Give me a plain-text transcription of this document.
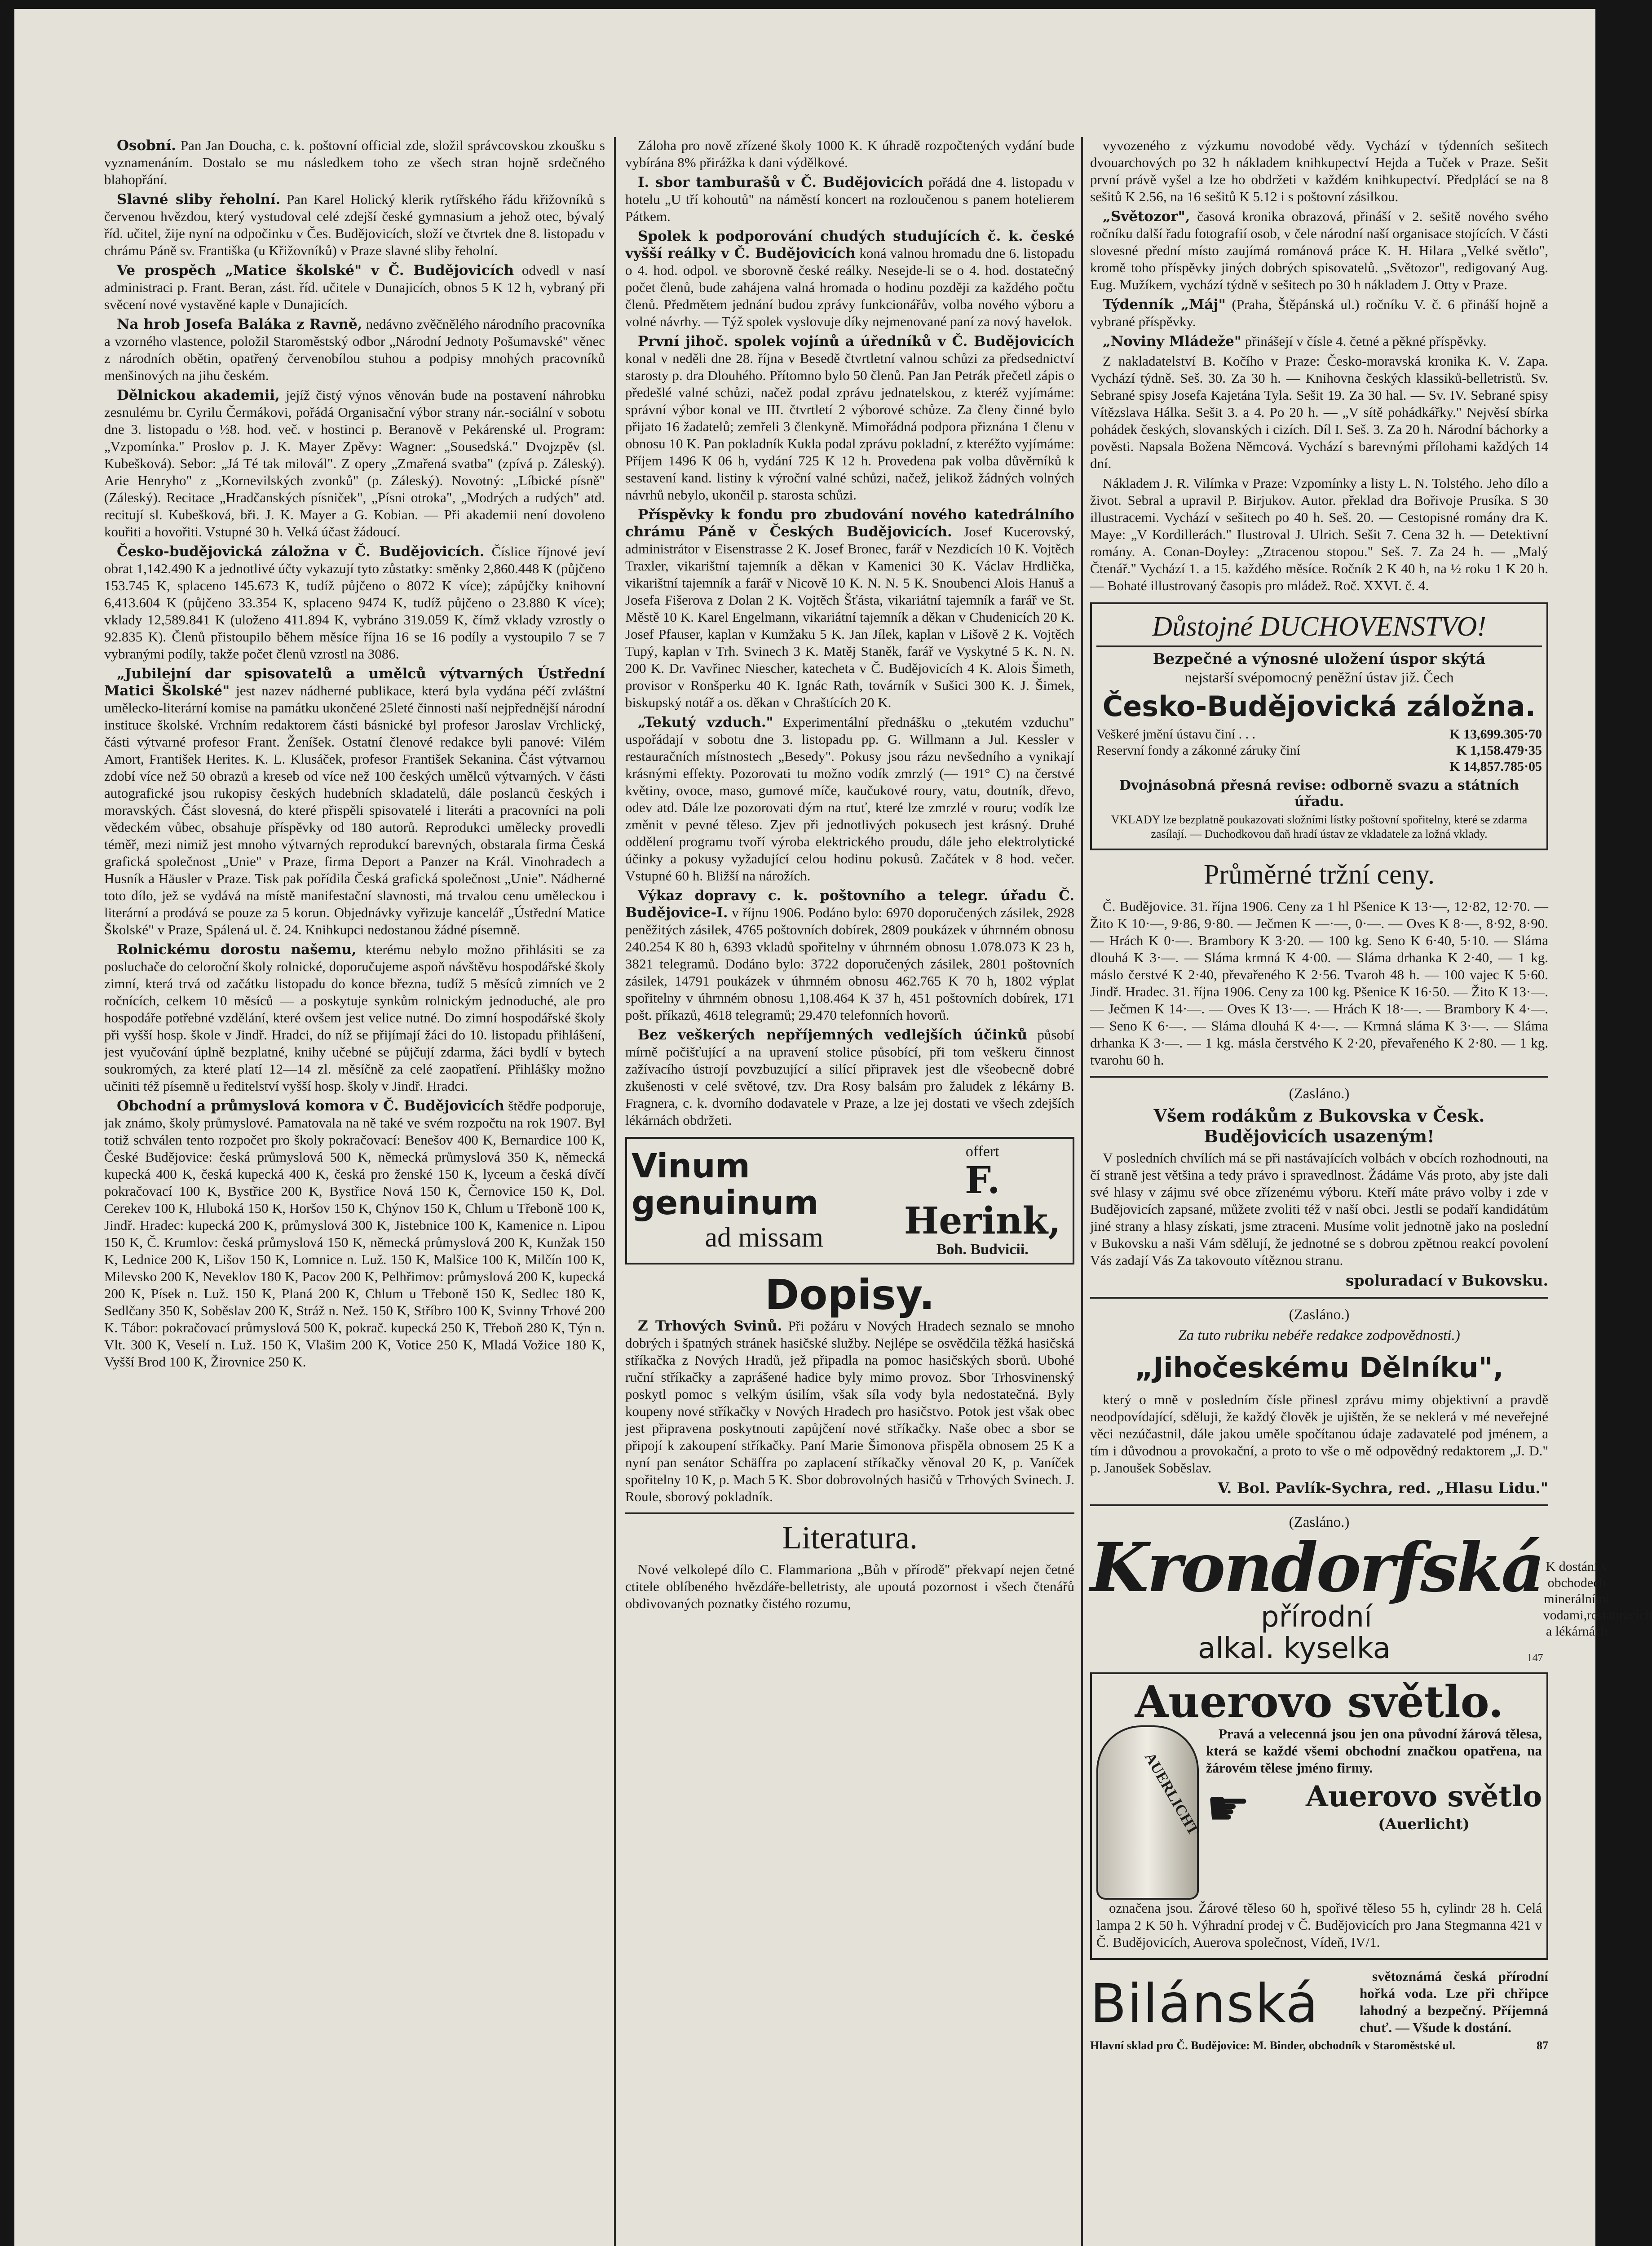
Osobní. Pan Jan Doucha, c. k. poštovní official zde, složil správcovskou zkoušku s vyznamenáním. Dostalo se mu následkem toho ze všech stran hojně srdečného blahopřání.

Slavné sliby řeholní. Pan Karel Holický klerik rytířského řádu křižovníků s červenou hvězdou, který vystudoval celé zdejší české gymnasium a jehož otec, bývalý říd. učitel, žije nyní na odpočinku v Čes. Budějovicích, složí ve čtvrtek dne 8. listopadu v chrámu Páně sv. Františka (u Křižovníků) v Praze slavné sliby řeholní.

Ve prospěch „Matice školské" v Č. Budějovicích odvedl v nasí administraci p. Frant. Beran, zást. říd. učitele v Dunajicích, obnos 5 K 12 h, vybraný při svěcení nové vystavěné kaple v Dunajicích.

Na hrob Josefa Baláka z Ravně, nedávno zvěčnělého národního pracovníka a vzorného vlastence, položil Staroměstský odbor „Národní Jednoty Pošumavské" věnec z národních obětin, opatřený červenobílou stuhou a podpisy mnohých pracovníků menšinových na jihu českém.

Dělnickou akademii, jejíž čistý výnos věnován bude na postavení náhrobku zesnulému br. Cyrilu Čermákovi, pořádá Organisační výbor strany nár.-sociální v sobotu dne 3. listopadu o ½8. hod. več. v hostinci p. Beranově v Pekárenské ul. Program: „Vzpomínka." Proslov p. J. K. Mayer Zpěvy: Wagner: „Sousedská." Dvojzpěv (sl. Kubešková). Sebor: „Já Té tak milovál". Z opery „Zmařená svatba" (zpívá p. Záleský). Arie Henryho" z „Kornevilských zvonků" (p. Záleský). Novotný: „Líbické písně" (Záleský). Recitace „Hradčanských písniček", „Písni otroka", „Modrých a rudých" atd. recitují sl. Kubešková, bři. J. K. Mayer a G. Kobian. — Při akademii není dovoleno kouřiti a hovořiti. Vstupné 30 h. Velká účast žádoucí.

Česko-budějovická záložna v Č. Budějovicích. Číslice říjnové jeví obrat 1,142.490 K a jednotlivé účty vykazují tyto zůstatky: směnky 2,860.448 K (půjčeno 153.745 K, splaceno 145.673 K, tudíž půjčeno o 8072 K více); zápůjčky knihovní 6,413.604 K (půjčeno 33.354 K, splaceno 9474 K, tudíž půjčeno o 23.880 K více); vklady 12,589.841 K (uloženo 411.894 K, vybráno 319.059 K, čímž vklady vzrostly o 92.835 K). Členů přistoupilo během měsíce října 16 se 16 podíly a vystoupilo 7 se 7 vybranými podíly, takže počet členů vzrostl na 3086.

„Jubilejní dar spisovatelů a umělců výtvarných Ústřední Matici Školské" jest nazev nádherné publikace, která byla vydána péčí zvláštní umělecko-literární komise na památku ukončené 25leté činnosti naší nejpřednější národní instituce školské. Vrchním redaktorem části básnické byl profesor Jaroslav Vrchlický, části výtvarné profesor Frant. Ženíšek. Ostatní členové redakce byli panové: Vilém Amort, František Herites. K. L. Klusáček, profesor František Sekanina. Část výtvarnou zdobí více než 50 obrazů a kreseb od více než 100 českých umělců výtvarných. V části autografické jsou rukopisy českých hudebních skladatelů, dále poslanců českých i moravských. Část slovesná, do které přispěli spisovatelé i literáti a pracovníci na poli vědeckém vůbec, obsahuje příspěvky od 180 autorů. Reprodukci umělecky provedli téměř, mezi nimiž jest mnoho výtvarných reprodukcí barevných, obstarala firma Česká grafická společnost „Unie" v Praze, firma Deport a Panzer na Král. Vinohradech a Husník a Häusler v Praze. Tisk pak pořídila Česká grafická společnost „Unie". Nádherné toto dílo, jež se vydává na místě manifestační slavnosti, má trvalou cenu uměleckou i literární a prodává se pouze za 5 korun. Objednávky vyřizuje kancelář „Ústřední Matice Školské" v Praze, Spálená ul. č. 24. Knihkupci nedostanou žádné písemně.

Rolnickému dorostu našemu, kterému nebylo možno přihlásiti se za posluchače do celoroční školy rolnické, doporučujeme aspoň návštěvu hospodářské školy zimní, která trvá od začátku listopadu do konce března, tudíž 5 měsíců zimních ve 2 ročnících, celkem 10 měsíců — a poskytuje synkům rolnickým jednoduché, ale pro hospodáře potřebné vzdělání, které ovšem jest velice nutné. Do zimní hospodářské školy při vyšší hosp. škole v Jindř. Hradci, do níž se přijímají žáci do 10. listopadu přihlášení, jest vyučování úplně bezplatné, knihy učebné se půjčují zdarma, žáci bydlí v bytech soukromých, za které platí 12—14 zl. měsíčně za celé zaopatření. Přihlášky možno učiniti též písemně u ředitelství vyšší hosp. školy v Jindř. Hradci.

Obchodní a průmyslová komora v Č. Budějovicích štědře podporuje, jak známo, školy průmyslové. Pamatovala na ně také ve svém rozpočtu na rok 1907. Byl totiž schválen tento rozpočet pro školy pokračovací: Benešov 400 K, Bernardice 100 K, České Budějovice: česká průmyslová 500 K, německá průmyslová 350 K, německá kupecká 400 K, česká kupecká 400 K, česká pro ženské 150 K, lyceum a česká dívčí pokračovací 100 K, Bystřice 200 K, Bystřice Nová 150 K, Černovice 150 K, Dol. Cerekev 100 K, Hluboká 150 K, Horšov 150 K, Chýnov 150 K, Chlum u Třeboně 100 K, Jindř. Hradec: kupecká 200 K, průmyslová 300 K, Jistebnice 100 K, Kamenice n. Lipou 150 K, Č. Krumlov: česká průmyslová 150 K, německá průmyslová 200 K, Kunžak 150 K, Lednice 200 K, Lišov 150 K, Lomnice n. Luž. 150 K, Malšice 100 K, Milčín 100 K, Milevsko 200 K, Neveklov 180 K, Pacov 200 K, Pelhřimov: průmyslová 200 K, kupecká 200 K, Písek n. Luž. 150 K, Planá 200 K, Chlum u Třeboně 150 K, Sedlec 180 K, Sedlčany 350 K, Soběslav 200 K, Stráž n. Než. 150 K, Stříbro 100 K, Svinny Trhové 200 K. Tábor: pokračovací průmyslová 500 K, pokrač. kupecká 250 K, Třeboň 280 K, Týn n. Vlt. 300 K, Veselí n. Luž. 150 K, Vlašim 200 K, Votice 250 K, Mladá Vožice 180 K, Vyšší Brod 100 K, Žirovnice 250 K.

Záloha pro nově zřízené školy 1000 K. K úhradě rozpočtených vydání bude vybírána 8% přirážka k dani výdělkové.

I. sbor tamburašů v Č. Budějovicích pořádá dne 4. listopadu v hotelu „U tří kohoutů" na náměstí koncert na rozloučenou s panem hotelierem Pátkem.

Spolek k podporování chudých studujících č. k. české vyšší reálky v Č. Budějovicích koná valnou hromadu dne 6. listopadu o 4. hod. odpol. ve sborovně české reálky. Nesejde-li se o 4. hod. dostatečný počet členů, bude zahájena valná hromada o hodinu později za každého počtu členů. Předmětem jednání budou zprávy funkcionářův, volba nového výboru a volné návrhy. — Týž spolek vyslovuje díky nejmenované paní za nový havelok.

První jihoč. spolek vojínů a úředníků v Č. Budějovicích konal v neděli dne 28. října v Besedě čtvrtletní valnou schůzi za předsednictví starosty p. dra Dlouhého. Přítomno bylo 50 členů. Pan Jan Petrák přečetl zápis o předešlé valné schůzi, načež podal zprávu jednatelskou, z kteréž vyjímáme: správní výbor konal ve III. čtvrtletí 2 výborové schůze. Za členy činné bylo přijato 16 žadatelů; zemřeli 3 členkyně. Mimořádná podpora přiznána 1 členu v obnosu 10 K. Pan pokladník Kukla podal zprávu pokladní, z kteréžto vyjímáme: Příjem 1496 K 06 h, vydání 725 K 12 h. Provedena pak volba důvěrníků k sestavení kand. listiny k výroční valné schůzi, načež, jelikož žádných volných návrhů nebylo, ukončil p. starosta schůzi.

Příspěvky k fondu pro zbudování nového katedrálního chrámu Páně v Českých Budějovicích. Josef Kucerovský, administrátor v Eisenstrasse 2 K. Josef Bronec, farář v Nezdicích 10 K. Vojtěch Traxler, vikarištní tajemník a děkan v Kamenici 30 K. Václav Hrdlička, vikarištní tajemník a farář v Nicově 10 K. N. N. 5 K. Snoubenci Alois Hanuš a Josefa Fišerova z Dolan 2 K. Vojtěch Šťásta, vikariátní tajemník a farář ve St. Městě 10 K. Karel Engelmann, vikariátní tajemník a děkan v Chudenicích 20 K. Josef Pfauser, kaplan v Kumžaku 5 K. Jan Jílek, kaplan v Lišově 2 K. Vojtěch Tupý, kaplan v Trh. Svinech 3 K. Matěj Staněk, farář ve Vyskytné 5 K. N. N. 200 K. Dr. Vavřinec Niescher, katecheta v Č. Budějovicích 4 K. Alois Šimeth, provisor v Ronšperku 40 K. Ignác Rath, továrník v Sušici 300 K. J. Šimek, biskupský notář a os. děkan v Chraštících 20 K.

„Tekutý vzduch." Experimentální přednášku o „tekutém vzduchu" uspořádají v sobotu dne 3. listopadu pp. G. Willmann a Jul. Kessler v restauračních místnostech „Besedy". Pokusy jsou rázu nevšedního a vynikají krásnými effekty. Pozorovati tu možno vodík zmrzlý (— 191° C) na čerstvé květiny, ovoce, maso, gumové míče, kaučukové roury, vatu, doutník, dřevo, odev atd. Dále lze pozorovati dým na rtuť, které lze zmrzlé v rouru; vodík lze změnit v pevné těleso. Zjev při jednotlivých pokusech jest krásný. Druhé oddělení programu tvoří výroba elektrického proudu, dále jeho elektrolytické účinky a pokusy vyžadující celou hodinu pokusů. Začátek v 8 hod. večer. Vstupné 60 h. Bližší na nárožích.

Výkaz dopravy c. k. poštovního a telegr. úřadu Č. Budějovice-I. v říjnu 1906. Podáno bylo: 6970 doporučených zásilek, 2928 peněžitých zásilek, 4765 poštovních dobírek, 2809 poukázek v úhrnném obnosu 240.254 K 80 h, 6393 vkladů spořitelny v úhrnném obnosu 1.078.073 K 23 h, 3821 telegramů. Dodáno bylo: 3722 doporučených zásilek, 2801 poštovních zásilek, 14791 poukázek v úhrnném obnosu 462.765 K 70 h, 1802 výplat spořitelny v úhrnném obnosu 1,108.464 K 37 h, 451 poštovních dobírek, 171 pošt. příkazů, 4618 telegramů; 29.470 telefonních hovorů.

Bez veškerých nepříjemných vedlejších účinků působí mírně počišťující a na upravení stolice působící, při tom veškeru činnost zažívacího ústrojí povzbuzující a silící připravek jest dle všeobecně dobré zkušenosti v celé světové, tzv. Dra Rosy balsám pro žaludek z lékárny B. Fragnera, c. k. dvorního dodavatele v Praze, a lze jej dostati ve všech zdejších lékárnách obdržeti.

Vinum genuinum
ad missam
offert
F. Herink,
Boh. Budvicii.
Dopisy.

Z Trhových Svinů. Při požáru v Nových Hradech seznalo se mnoho dobrých i špatných stránek hasičské služby. Nejlépe se osvědčila těžká hasičská stříkačka z Nových Hradů, jež připadla na pomoc hasičských sborů. Ubohé ruční stříkačky a zaprášené hadice byly mimo provoz. Sbor Trhosvinenský poskytl pomoc s velkým úsilím, však síla vody byla nedostatečná. Byly koupeny nové stříkačky v Nových Hradech pro hasičstvo. Potok jest však obec jest připravena poskytnouti zapůjčení nové stříkačky. Naše obec a sbor se připojí k zakoupení stříkačky. Paní Marie Šimonova přispěla obnosem 25 K a nyní pan senátor Schäffra po zaplacení stříkačky věnoval 20 K, p. Vaníček spořitelny 10 K, p. Mach 5 K. Sbor dobrovolných hasičů v Trhových Svinech. J. Roule, sborový pokladník.

Literatura.

Nové velkolepé dílo C. Flammariona „Bůh v přírodě" překvapí nejen četné ctitele oblíbeného hvězdáře-belletristy, ale upoutá pozornost i všech čtenářů obdivovaných poznatky čistého rozumu,

vyvozeného z výzkumu novodobé vědy. Vychází v týdenních sešitech dvouarchových po 32 h nákladem knihkupectví Hejda a Tuček v Praze. Sešit první právě vyšel a lze ho obdržeti v každém knihkupectví. Předplácí se na 8 sešitů K 2.56, na 16 sešitů K 5.12 i s poštovní zásilkou.

„Světozor", časová kronika obrazová, přináší v 2. sešitě nového svého ročníku další řadu fotografií osob, v čele národní naší organisace stojících. V části slovesné přední místo zaujímá románová práce K. H. Hilara „Velké světlo", kromě toho příspěvky jiných dobrých spisovatelů. „Světozor", redigovaný Aug. Eug. Mužíkem, vychází týdně v sešitech po 30 h nákladem J. Otty v Praze.

Týdenník „Máj" (Praha, Štěpánská ul.) ročníku V. č. 6 přináší hojně a vybrané příspěvky.

„Noviny Mládeže" přinášejí v čísle 4. četné a pěkné příspěvky.

Z nakladatelství B. Kočího v Praze: Česko-moravská kronika K. V. Zapa. Vychází týdně. Seš. 30. Za 30 h. — Knihovna českých klassiků-belletristů. Sv. Sebrané spisy Josefa Kajetána Tyla. Sešit 19. Za 30 hal. — Sv. IV. Sebrané spisy Vítězslava Hálka. Sešit 3. a 4. Po 20 h. — „V sítě pohádkářky." Nejvěsí sbírka pohádek českých, slovanských i cizích. Díl I. Seš. 3. Za 20 h. Národní báchorky a pověsti. Napsala Božena Němcová. Vychází s barevnými přílohami každých 14 dní.

Nákladem J. R. Vilímka v Praze: Vzpomínky a listy L. N. Tolstého. Jeho dílo a život. Sebral a upravil P. Birjukov. Autor. překlad dra Bořivoje Prusíka. S 30 illustracemi. Vychází v sešitech po 40 h. Seš. 20. — Cestopisné romány dra K. Maye: „V Kordillerách." Ilustroval J. Ulrich. Sešit 7. Cena 32 h. — Detektivní romány. A. Conan-Doyley: „Ztracenou stopou." Seš. 7. Za 24 h. — „Malý Čtenář." Vychází 1. a 15. každého měsíce. Ročník 2 K 40 h, na ½ roku 1 K 20 h. — Bohaté illustrovaný časopis pro mládež. Roč. XXVI. č. 4.

Důstojné DUCHOVENSTVO!

Bezpečné a výnosné uložení úspor skýtá

nejstarší svépomocný peněžní ústav již. Čech

Česko-Budějovická záložna.
Veškeré jmění ústavu činí . . .	K 13,699.305·70
Reservní fondy a zákonné záruky činí	K 1,158.479·35
K 14,857.785·05

Dvojnásobná přesná revise: odborně svazu a státních úřadu.

VKLADY lze bezplatně poukazovati složními lístky poštovní spořitelny, které se zdarma zasílají. — Duchodkovou daň hradí ústav ze vkladatele za ložná vklady.

Průměrné tržní ceny.

Č. Budějovice. 31. října 1906. Ceny za 1 hl Pšenice K 13·—, 12·82, 12·70. — Žito K 10·—, 9·86, 9·80. — Ječmen K —·—, 0·—. — Oves K 8·—, 8·92, 8·90. — Hrách K 0·—. Brambory K 3·20. — 100 kg. Seno K 6·40, 5·10. — Sláma dlouhá K 3·—. — Sláma krmná K 4·00. — Sláma drhanka K 2·40, — 1 kg. máslo čerstvé K 2·40, převařeného K 2·56. Tvaroh 48 h. — 100 vajec K 5·60. Jindř. Hradec. 31. října 1906. Ceny za 100 kg. Pšenice K 16·50. — Žito K 13·—. — Ječmen K 14·—. — Oves K 13·—. — Hrách K 18·—. — Brambory K 4·—. — Seno K 6·—. — Sláma dlouhá K 4·—. — Krmná sláma K 3·—. — Sláma drhanka K 3·—. — 1 kg. másla čerstvého K 2·20, převařeného K 2·80. — 1 kg. tvarohu 60 h.

(Zasláno.)

Všem rodákům z Bukovska v Česk. Budějovicích usazeným!

V posledních chvílích má se při nastávajících volbách v obcích rozhodnouti, na čí straně jest většina a tedy právo i spravedlnost. Žádáme Vás proto, aby jste dali své hlasy v zájmu své obce zřízenému výboru. Kteří máte právo volby i zde v Budějovicích zapsané, můžete zvoliti též v naší obci. Jestli se podaří kandidátům jiné strany a hlasy získati, jsme ztraceni. Musíme volit jednotně jako na poslední v Bukovsku a naši Vám sdělují, že jednotné se s dobrou zpětnou reakcí povolení Vás zadají Vás Za takovouto vítěznou stranu.

spoluradací v Bukovsku.

(Zasláno.)

Za tuto rubriku nebéře redakce zodpovědnosti.)

„Jihočeskému Dělníku",

který o mně v posledním čísle přinesl zprávu mimy objektivní a pravdě neodpovídající, sděluji, že každý člověk je ujištěn, že se neklerá v mé neveřejné věci nezúčastnil, dále jakou uměle spočítanou údaje zadavatelé pod jménem, a tím i důvodnou a provokační, a proto to vše o mě odpovědný redaktorem „J. D." p. Janoušek Soběslav.

V. Bol. Pavlík-Sychra, red. „Hlasu Lidu."

(Zasláno.)

Krondorfská
přírodní
alkal. kyselka	147
K dostání v obchodech minerálními vodami,restauracích a lékárnách
Auerovo světlo.
AUERLICHT

Pravá a velecenná jsou jen ona původní žárová tělesa, která se každé všemi obchodní značkou opatřena, na žárovém tělese jméno firmy.

☛ Auerovo světlo

(Auerlicht)

označena jsou. Žárové těleso 60 h, spořivé těleso 55 h, cylindr 28 h. Celá lampa 2 K 50 h. Výhradní prodej v Č. Budějovicích pro Jana Stegmanna 421 v Č. Budějovicích, Auerova společnost, Vídeň, IV/1.

Bilánská	světoznámá česká přírodní hořká voda. Lze při chřipce lahodný a bezpečný. Příjemná chuť. — Všude k dostání.

Hlavní sklad pro Č. Budějovice: M. Binder, obchodník v Staroměstské ul.	87
